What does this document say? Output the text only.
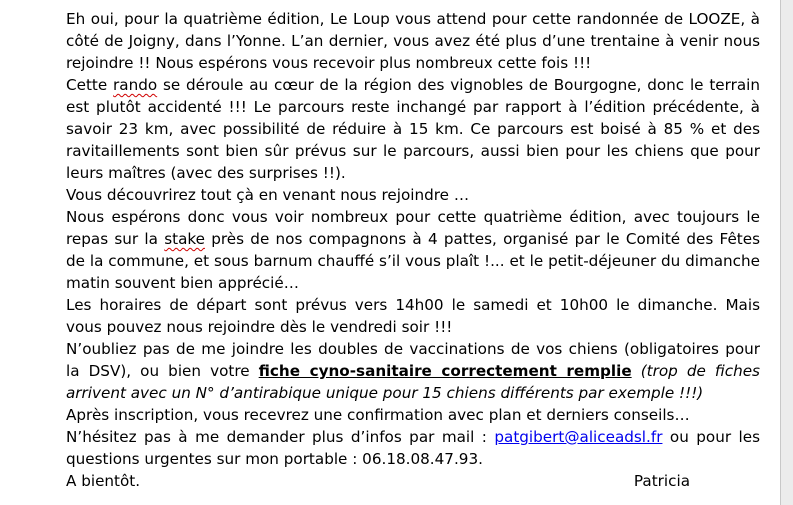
Eh oui, pour la quatrième édition, Le Loup vous attend pour cette randonnée de LOOZE, à
côté de Joigny, dans l’Yonne. L’an dernier, vous avez été plus d’une trentaine à venir nous
rejoindre !! Nous espérons vous recevoir plus nombreux cette fois !!!
Cette rando se déroule au cœur de la région des vignobles de Bourgogne, donc le terrain
est plutôt accidenté !!! Le parcours reste inchangé par rapport à l’édition précédente, à
savoir 23 km, avec possibilité de réduire à 15 km. Ce parcours est boisé à 85 % et des
ravitaillements sont bien sûr prévus sur le parcours, aussi bien pour les chiens que pour
leurs maîtres (avec des surprises !!).
Vous découvrirez tout çà en venant nous rejoindre …
Nous espérons donc vous voir nombreux pour cette quatrième édition, avec toujours le
repas sur la stake près de nos compagnons à 4 pattes, organisé par le Comité des Fêtes
de la commune, et sous barnum chauffé s’il vous plaît !... et le petit-déjeuner du dimanche
matin souvent bien apprécié…
Les horaires de départ sont prévus vers 14h00 le samedi et 10h00 le dimanche. Mais
vous pouvez nous rejoindre dès le vendredi soir !!!
N’oubliez pas de me joindre les doubles de vaccinations de vos chiens (obligatoires pour
la DSV), ou bien votre fiche cyno-sanitaire correctement remplie (trop de fiches
arrivent avec un N° d’antirabique unique pour 15 chiens différents par exemple !!!)
Après inscription, vous recevrez une confirmation avec plan et derniers conseils…
N’hésitez pas à me demander plus d’infos par mail : patgibert@aliceadsl.fr ou pour les
questions urgentes sur mon portable : 06.18.08.47.93.
A bientôt.	Patricia
